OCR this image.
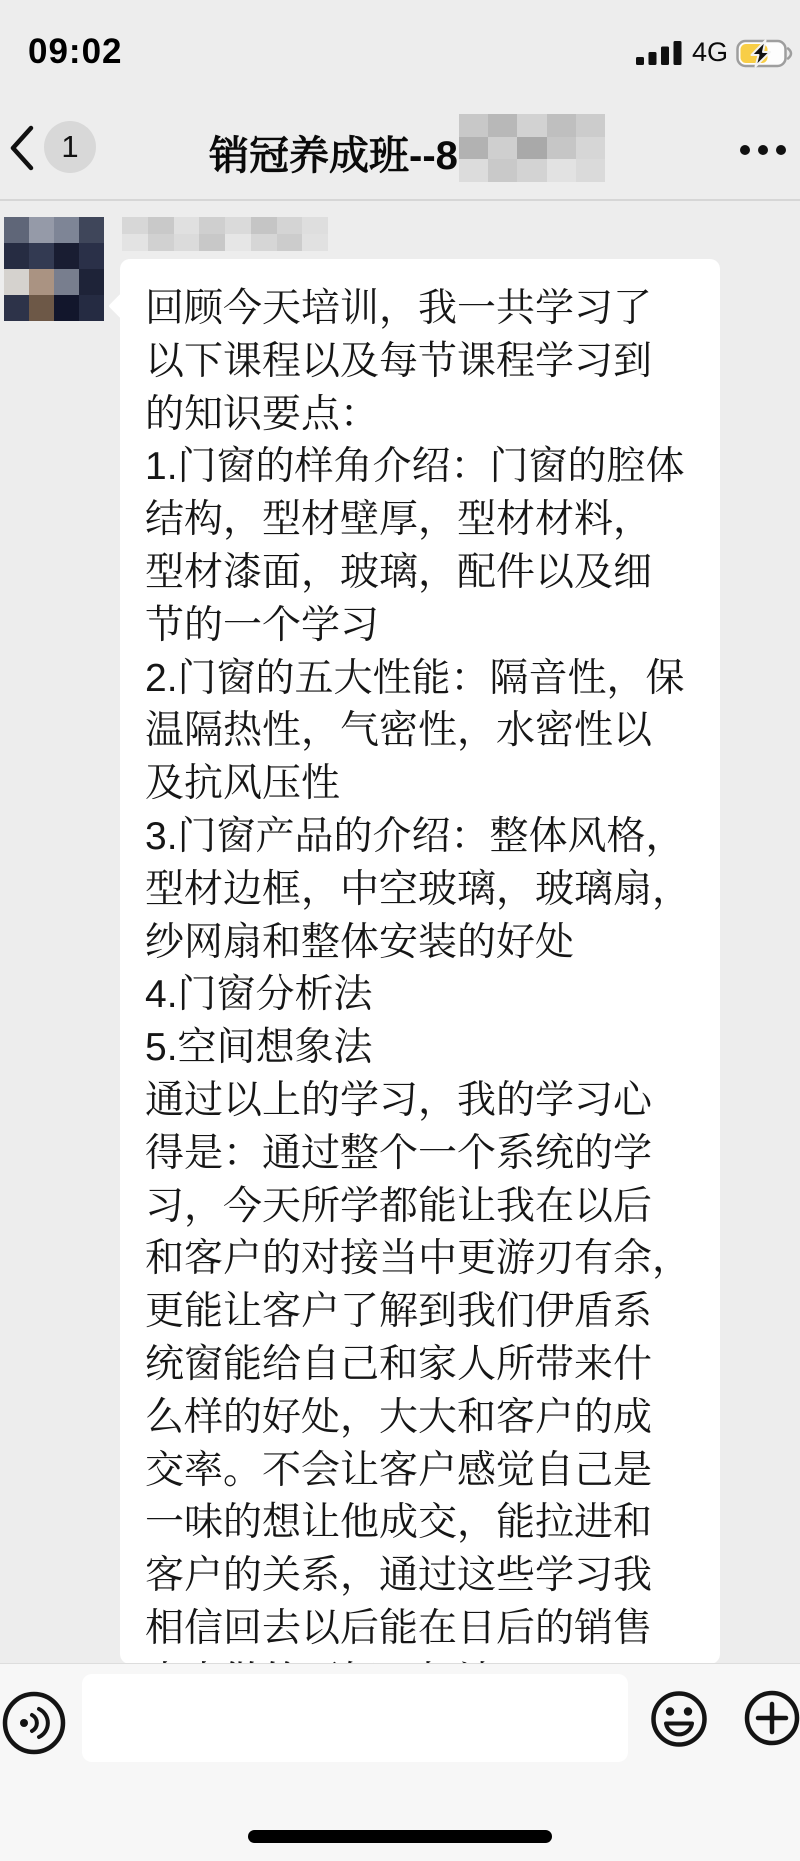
09:02	4G
1	销冠养成班--8
回顾今天培训，我一共学习了
以下课程以及每节课程学习到
的知识要点：
1.门窗的样角介绍：门窗的腔体
结构，型材壁厚，型材材料，
型材漆面，玻璃，配件以及细
节的一个学习
2.门窗的五大性能：隔音性，保
温隔热性，气密性，水密性以
及抗风压性
3.门窗产品的介绍：整体风格，
型材边框，中空玻璃，玻璃扇，
纱网扇和整体安装的好处
4.门窗分析法
5.空间想象法
通过以上的学习，我的学习心
得是：通过整个一个系统的学
习，今天所学都能让我在以后
和客户的对接当中更游刃有余，
更能让客户了解到我们伊盾系
统窗能给自己和家人所带来什
么样的好处，大大和客户的成
交率。不会让客户感觉自己是
一味的想让他成交，能拉进和
客户的关系，通过这些学习我
相信回去以后能在日后的销售
